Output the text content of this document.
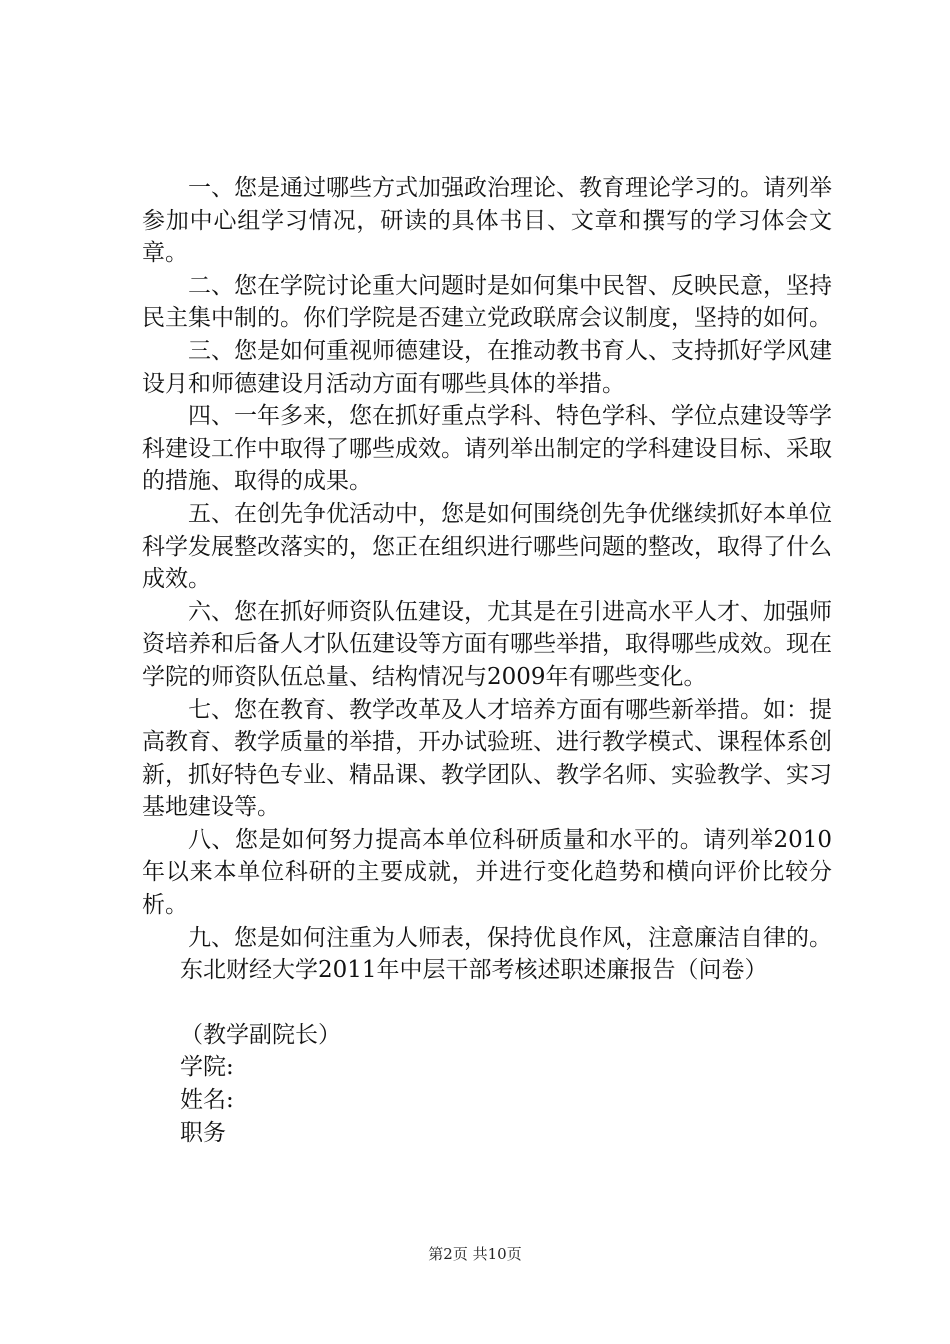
一、您是通过哪些方式加强政治理论、教育理论学习的。请列举参加中心组学习情况，研读的具体书目、文章和撰写的学习体会文章。

二、您在学院讨论重大问题时是如何集中民智、反映民意，坚持民主集中制的。你们学院是否建立党政联席会议制度，坚持的如何。

三、您是如何重视师德建设，在推动教书育人、支持抓好学风建设月和师德建设月活动方面有哪些具体的举措。

四、一年多来，您在抓好重点学科、特色学科、学位点建设等学科建设工作中取得了哪些成效。请列举出制定的学科建设目标、采取的措施、取得的成果。

五、在创先争优活动中，您是如何围绕创先争优继续抓好本单位科学发展整改落实的，您正在组织进行哪些问题的整改，取得了什么成效。

六、您在抓好师资队伍建设，尤其是在引进高水平人才、加强师资培养和后备人才队伍建设等方面有哪些举措，取得哪些成效。现在学院的师资队伍总量、结构情况与2009年有哪些变化。

七、您在教育、教学改革及人才培养方面有哪些新举措。如：提高教育、教学质量的举措，开办试验班、进行教学模式、课程体系创新，抓好特色专业、精品课、教学团队、教学名师、实验教学、实习基地建设等。

八、您是如何努力提高本单位科研质量和水平的。请列举2010年以来本单位科研的主要成就，并进行变化趋势和横向评价比较分析。

九、您是如何注重为人师表，保持优良作风，注意廉洁自律的。

东北财经大学2011年中层干部考核述职述廉报告（问卷）

（教学副院长）

学院:

姓名:

职务

第2页 共10页
